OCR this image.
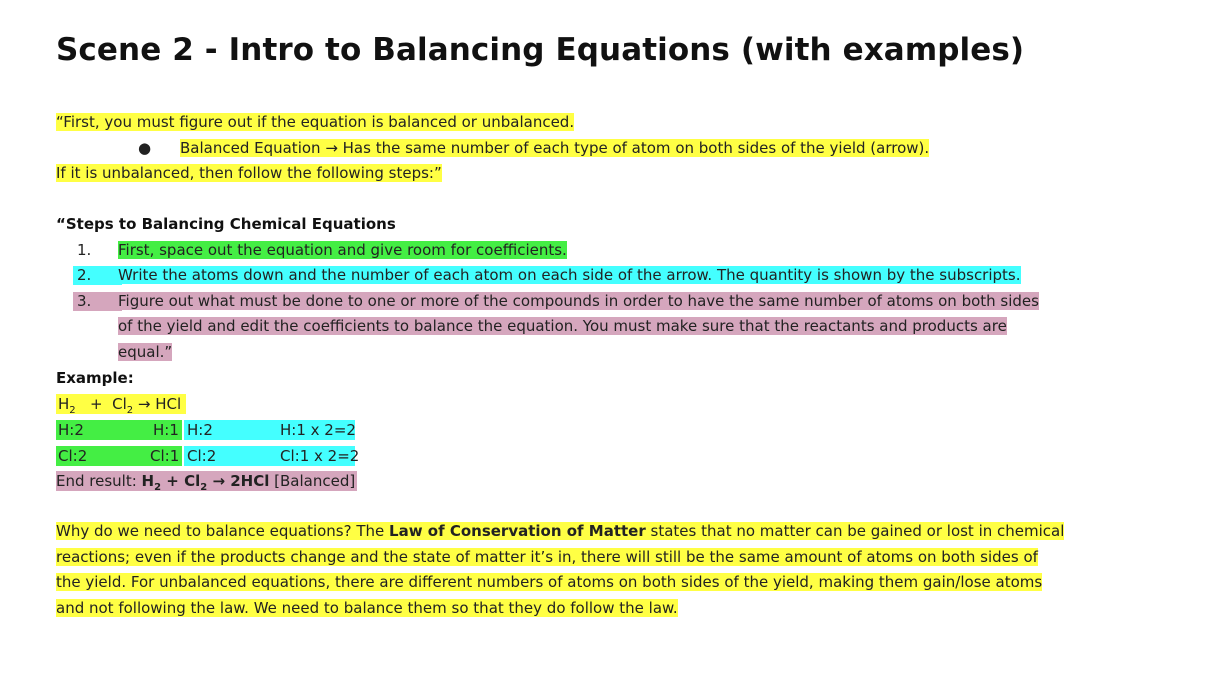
Scene 2 - Intro to Balancing Equations (with examples)
“First, you must figure out if the equation is balanced or unbalanced.
● Balanced Equation → Has the same number of each type of atom on both sides of the yield (arrow).
If it is unbalanced, then follow the following steps:”
“Steps to Balancing Chemical Equations
1. First, space out the equation and give room for coefficients.
2.	Write the atoms down and the number of each atom on each side of the arrow. The quantity is shown by the subscripts.
3.	Figure out what must be done to one or more of the compounds in order to have the same number of atoms on both sides
of the yield and edit the coefficients to balance the equation. You must make sure that the reactants and products are
equal.”
Example:
$H_2 + Cl_2$ → HCl
H:2	H:1 H:2	H:1 x 2=2
Cl:2	Cl:1 Cl:2	Cl:1 x 2=2
End result: $H_2 + Cl_2 \to 2HCl$ [Balanced]
Why do we need to balance equations? The Law of Conservation of Matter states that no matter can be gained or lost in chemical
reactions; even if the products change and the state of matter it’s in, there will still be the same amount of atoms on both sides of
the yield. For unbalanced equations, there are different numbers of atoms on both sides of the yield, making them gain/lose atoms
and not following the law. We need to balance them so that they do follow the law.
